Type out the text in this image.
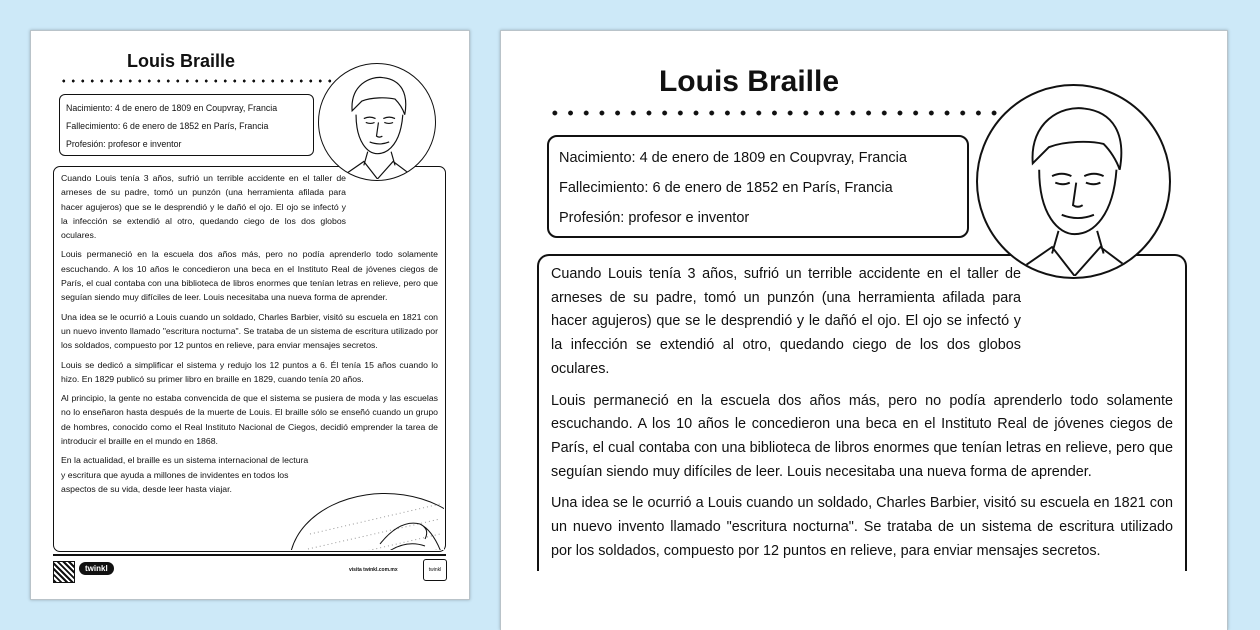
Louis Braille
Nacimiento: 4 de enero de 1809 en Coupvray, Francia
Fallecimiento: 6 de enero de 1852 en París, Francia
Profesión: profesor e inventor

Cuando Louis tenía 3 años, sufrió un terrible accidente en el taller de arneses de su padre, tomó un punzón (una herramienta afilada para hacer agujeros) que se le desprendió y le dañó el ojo. El ojo se infectó y la infección se extendió al otro, quedando ciego de los dos globos oculares.

Louis permaneció en la escuela dos años más, pero no podía aprenderlo todo solamente escuchando. A los 10 años le concedieron una beca en el Instituto Real de jóvenes ciegos de París, el cual contaba con una biblioteca de libros enormes que tenían letras en relieve, pero que seguían siendo muy difíciles de leer. Louis necesitaba una nueva forma de aprender.

Una idea se le ocurrió a Louis cuando un soldado, Charles Barbier, visitó su escuela en 1821 con un nuevo invento llamado "escritura nocturna". Se trataba de un sistema de escritura utilizado por los soldados, compuesto por 12 puntos en relieve, para enviar mensajes secretos.

Louis se dedicó a simplificar el sistema y redujo los 12 puntos a 6. Él tenía 15 años cuando lo hizo. En 1829 publicó su primer libro en braille en 1829, cuando tenía 20 años.

Al principio, la gente no estaba convencida de que el sistema se pusiera de moda y las escuelas no lo enseñaron hasta después de la muerte de Louis. El braille sólo se enseñó cuando un grupo de hombres, conocido como el Real Instituto Nacional de Ciegos, decidió emprender la tarea de introducir el braille en el mundo en 1868.

En la actualidad, el braille es un sistema internacional de lectura y escritura que ayuda a millones de invidentes en todos los aspectos de su vida, desde leer hasta viajar.

twinkl	visita twinkl.com.mx	twinkl
Louis Braille
Nacimiento: 4 de enero de 1809 en Coupvray, Francia
Fallecimiento: 6 de enero de 1852 en París, Francia
Profesión: profesor e inventor

Cuando Louis tenía 3 años, sufrió un terrible accidente en el taller de arneses de su padre, tomó un punzón (una herramienta afilada para hacer agujeros) que se le desprendió y le dañó el ojo. El ojo se infectó y la infección se extendió al otro, quedando ciego de los dos globos oculares.

Louis permaneció en la escuela dos años más, pero no podía aprenderlo todo solamente escuchando. A los 10 años le concedieron una beca en el Instituto Real de jóvenes ciegos de París, el cual contaba con una biblioteca de libros enormes que tenían letras en relieve, pero que seguían siendo muy difíciles de leer. Louis necesitaba una nueva forma de aprender.

Una idea se le ocurrió a Louis cuando un soldado, Charles Barbier, visitó su escuela en 1821 con un nuevo invento llamado "escritura nocturna". Se trataba de un sistema de escritura utilizado por los soldados, compuesto por 12 puntos en relieve, para enviar mensajes secretos.
